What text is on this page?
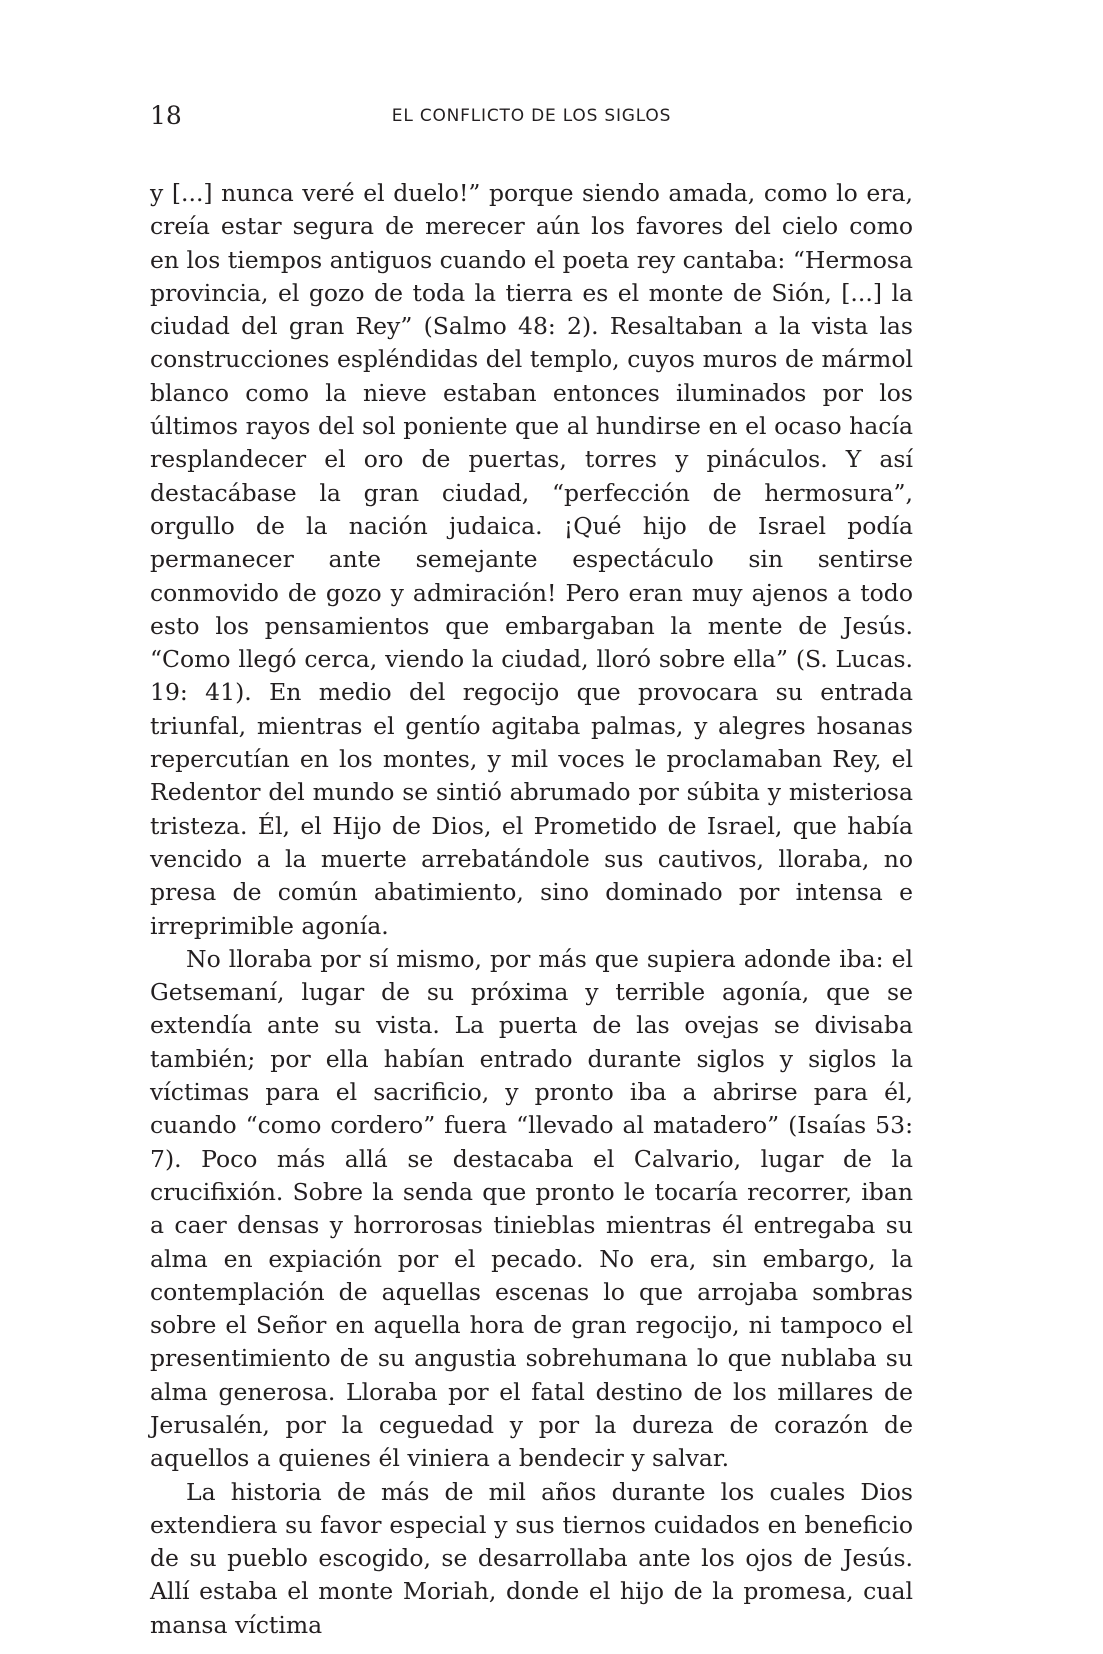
18	EL CONFLICTO DE LOS SIGLOS

y [...] nunca veré el duelo!” porque siendo amada, como lo era, creía estar segura de merecer aún los favores del cielo como en los tiempos antiguos cuando el poeta rey cantaba: “Hermosa provincia, el gozo de toda la tierra es el monte de Sión, [...] la ciudad del gran Rey” (Salmo 48: 2). Resaltaban a la vista las construcciones espléndidas del templo, cuyos muros de mármol blanco como la nieve estaban entonces iluminados por los últimos rayos del sol poniente que al hundirse en el ocaso hacía resplandecer el oro de puertas, torres y pináculos. Y así destacábase la gran ciudad, “perfección de hermosura”, orgullo de la nación judaica. ¡Qué hijo de Israel podía permanecer ante semejante espectáculo sin sentirse conmovido de gozo y admiración! Pero eran muy ajenos a todo esto los pensamientos que embargaban la mente de Jesús. “Como llegó cerca, viendo la ciudad, lloró sobre ella” (S. Lucas. 19: 41). En medio del regocijo que provocara su entrada triunfal, mientras el gentío agitaba palmas, y alegres hosanas repercutían en los montes, y mil voces le proclamaban Rey, el Redentor del mundo se sintió abrumado por súbita y misteriosa tristeza. Él, el Hijo de Dios, el Prometido de Israel, que había vencido a la muerte arrebatándole sus cautivos, lloraba, no presa de común abatimiento, sino dominado por intensa e irreprimible agonía.

No lloraba por sí mismo, por más que supiera adonde iba: el Getsemaní, lugar de su próxima y terrible agonía, que se extendía ante su vista. La puerta de las ovejas se divisaba también; por ella habían entrado durante siglos y siglos la víctimas para el sacrificio, y pronto iba a abrirse para él, cuando “como cordero” fuera “llevado al matadero” (Isaías 53: 7). Poco más allá se destacaba el Calvario, lugar de la crucifixión. Sobre la senda que pronto le tocaría recorrer, iban a caer densas y horrorosas tinieblas mientras él entregaba su alma en expiación por el pecado. No era, sin embargo, la contemplación de aquellas escenas lo que arrojaba sombras sobre el Señor en aquella hora de gran regocijo, ni tampoco el presentimiento de su angustia sobrehumana lo que nublaba su alma generosa. Lloraba por el fatal destino de los millares de Jerusalén, por la ceguedad y por la dureza de corazón de aquellos a quienes él viniera a bendecir y salvar.

La historia de más de mil años durante los cuales Dios extendiera su favor especial y sus tiernos cuidados en beneficio de su pueblo escogido, se desarrollaba ante los ojos de Jesús. Allí estaba el monte Moriah, donde el hijo de la promesa, cual mansa víctima
